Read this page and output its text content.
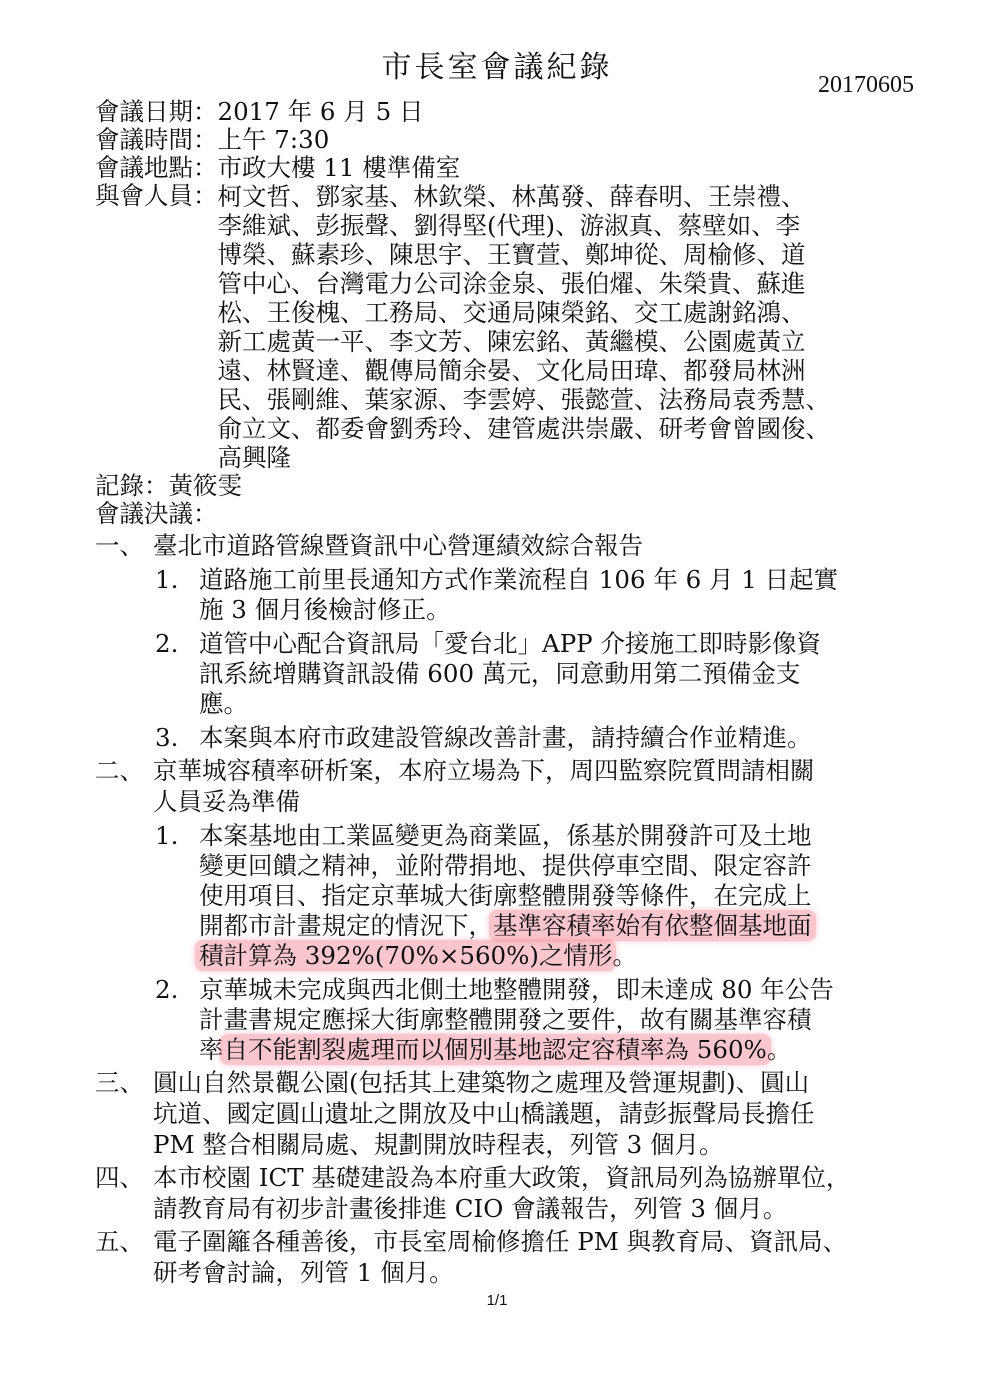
市長室會議紀錄	20170605
會議日期： 2017 年 6 月 5 日
會議時間： 上午 7:30
會議地點： 市政大樓 11 樓準備室
與會人員： 柯文哲、鄧家基、林欽榮、林萬發、薛春明、王崇禮、
李維斌、彭振聲、劉得堅(代理)、游淑真、蔡壁如、李
博榮、蘇素珍、陳思宇、王寶萱、鄭坤從、周榆修、道
管中心、台灣電力公司涂金泉、張伯燿、朱榮貴、蘇進
松、王俊槐、工務局、交通局陳榮銘、交工處謝銘鴻、
新工處黃一平、李文芳、陳宏銘、黃繼模、公園處黃立
遠、林賢達、觀傳局簡余晏、文化局田瑋、都發局林洲
民、張剛維、葉家源、李雲婷、張懿萱、法務局袁秀慧、
俞立文、都委會劉秀玲、建管處洪崇嚴、研考會曾國俊、
高興隆
記錄： 黃筱雯
會議決議：
一、 臺北市道路管線暨資訊中心營運績效綜合報告
1. 道路施工前里長通知方式作業流程自 106 年 6 月 1 日起實
施 3 個月後檢討修正。
2. 道管中心配合資訊局「愛台北」APP 介接施工即時影像資
訊系統增購資訊設備 600 萬元，同意動用第二預備金支
應。
3. 本案與本府市政建設管線改善計畫，請持續合作並精進。
二、 京華城容積率研析案，本府立場為下，周四監察院質問請相關
人員妥為準備
1. 本案基地由工業區變更為商業區，係基於開發許可及土地
變更回饋之精神，並附帶捐地、提供停車空間、限定容許
使用項目、指定京華城大街廓整體開發等條件，在完成上
開都市計畫規定的情況下，基準容積率始有依整個基地面
積計算為 392%(70%×560%)之情形。
2. 京華城未完成與西北側土地整體開發，即未達成 80 年公告
計畫書規定應採大街廓整體開發之要件，故有關基準容積
率自不能割裂處理而以個別基地認定容積率為 560%。
三、 圓山自然景觀公園(包括其上建築物之處理及營運規劃)、圓山
坑道、國定圓山遺址之開放及中山橋議題，請彭振聲局長擔任
PM 整合相關局處、規劃開放時程表，列管 3 個月。
四、 本市校園 ICT 基礎建設為本府重大政策，資訊局列為協辦單位，
請教育局有初步計畫後排進 CIO 會議報告，列管 3 個月。
五、 電子圍籬各種善後，市長室周榆修擔任 PM 與教育局、資訊局、
研考會討論，列管 1 個月。
1/1
